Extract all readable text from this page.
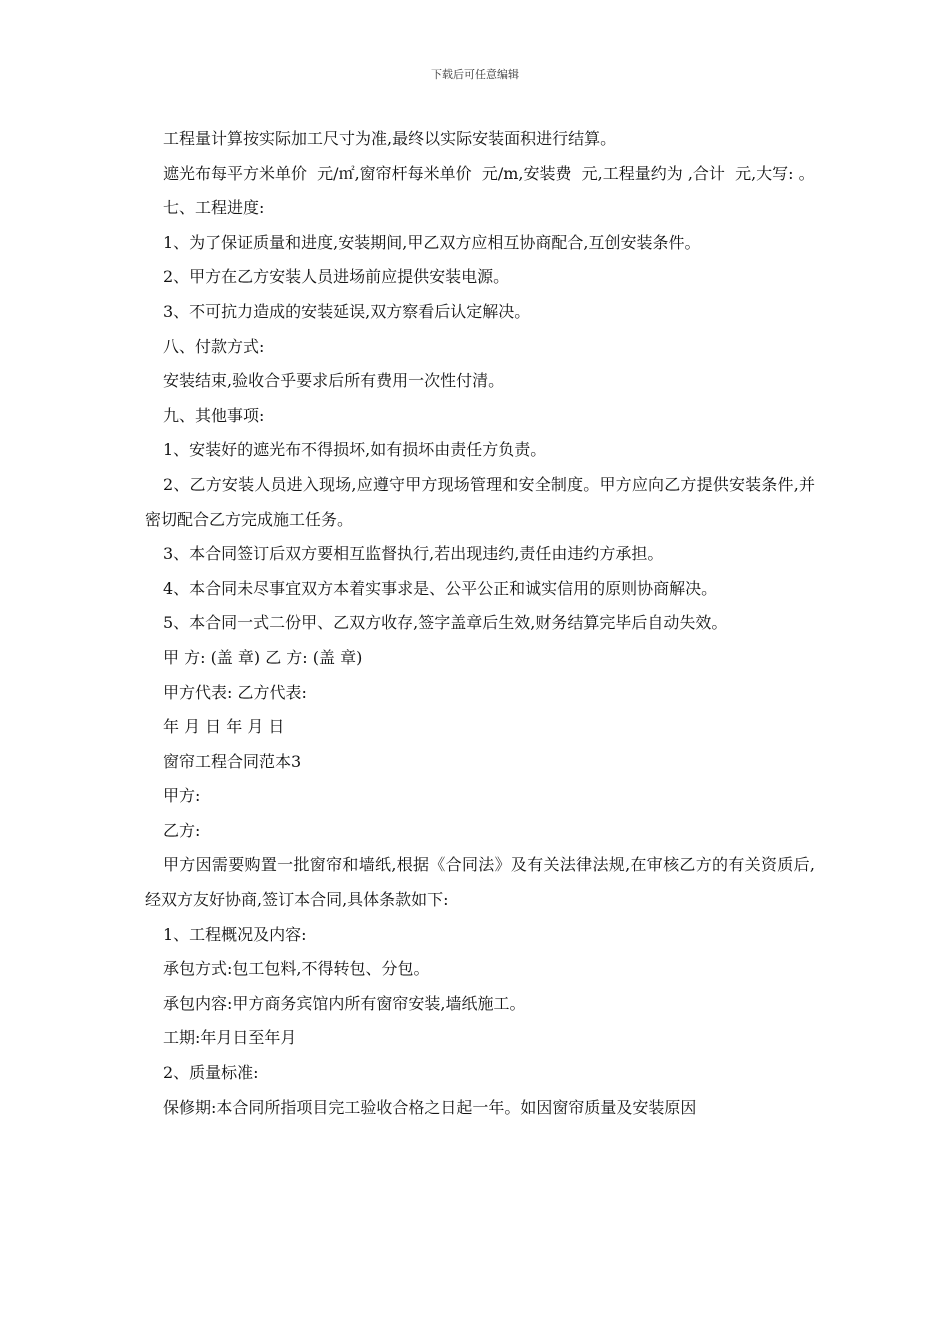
下载后可任意编辑

工程量计算按实际加工尺寸为准,最终以实际安装面积进行结算。

遮光布每平方米单价  元/㎡,窗帘杆每米单价  元/m,安装费  元,工程量约为 ,合计  元,大写: 。

七、工程进度:

1、为了保证质量和进度,安装期间,甲乙双方应相互协商配合,互创安装条件。

2、甲方在乙方安装人员进场前应提供安装电源。

3、不可抗力造成的安装延误,双方察看后认定解决。

八、付款方式:

安装结束,验收合乎要求后所有费用一次性付清。

九、其他事项:

1、安装好的遮光布不得损坏,如有损坏由责任方负责。

2、乙方安装人员进入现场,应遵守甲方现场管理和安全制度。甲方应向乙方提供安装条件,并密切配合乙方完成施工任务。

3、本合同签订后双方要相互监督执行,若出现违约,责任由违约方承担。

4、本合同未尽事宜双方本着实事求是、公平公正和诚实信用的原则协商解决。

5、本合同一式二份甲、乙双方收存,签字盖章后生效,财务结算完毕后自动失效。

甲 方: (盖 章) 乙 方: (盖 章)

甲方代表: 乙方代表:

年 月 日 年 月 日

窗帘工程合同范本3

甲方:

乙方:

甲方因需要购置一批窗帘和墙纸,根据《合同法》及有关法律法规,在审核乙方的有关资质后,经双方友好协商,签订本合同,具体条款如下:

1、工程概况及内容:

承包方式:包工包料,不得转包、分包。

承包内容:甲方商务宾馆内所有窗帘安装,墙纸施工。

工期:年月日至年月

2、质量标准:

保修期:本合同所指项目完工验收合格之日起一年。如因窗帘质量及安装原因
